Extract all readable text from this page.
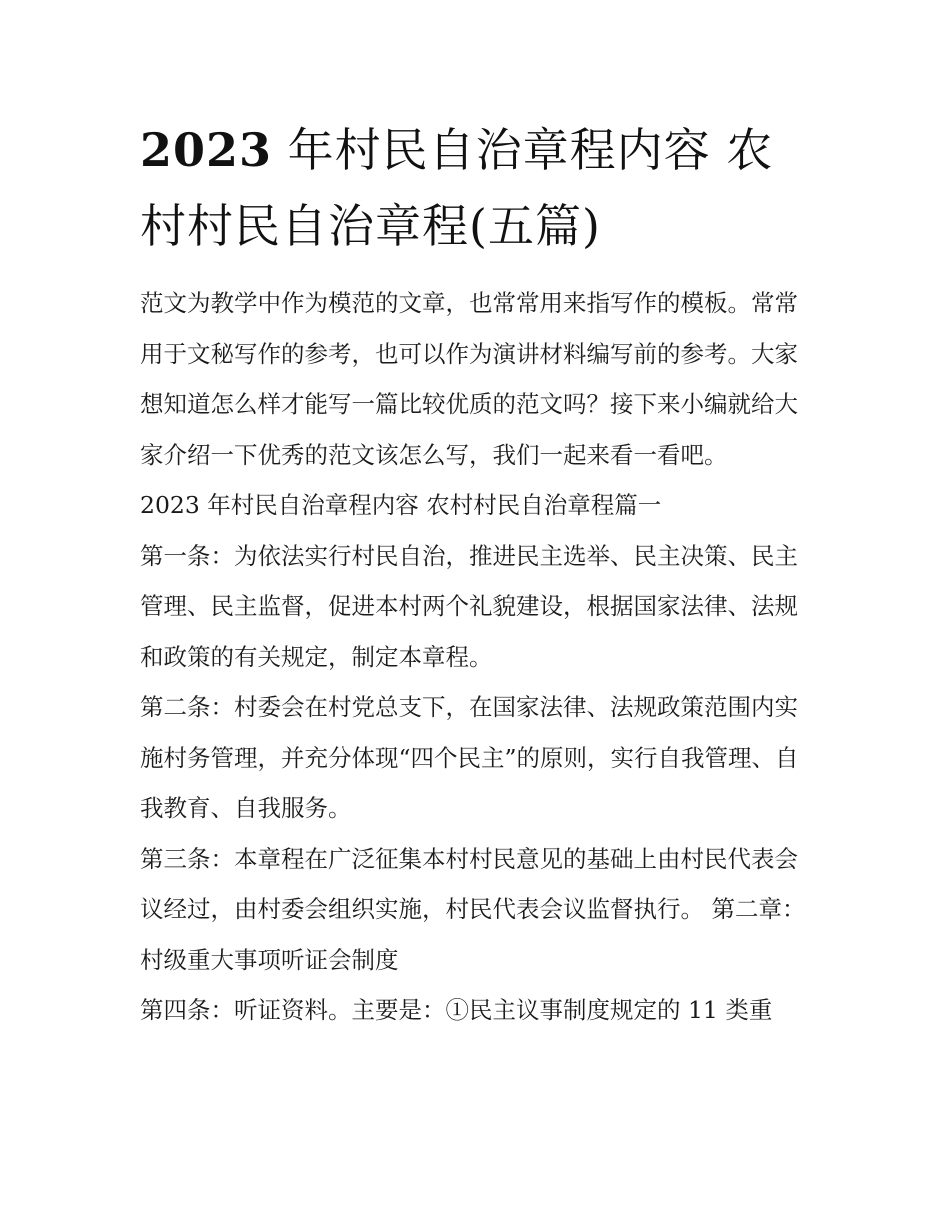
2023 年村民自治章程内容 农村村民自治章程(五篇)

范文为教学中作为模范的文章，也常常用来指写作的模板。常常用于文秘写作的参考，也可以作为演讲材料编写前的参考。大家想知道怎么样才能写一篇比较优质的范文吗？接下来小编就给大家介绍一下优秀的范文该怎么写，我们一起来看一看吧。

2023 年村民自治章程内容 农村村民自治章程篇一

第一条：为依法实行村民自治，推进民主选举、民主决策、民主管理、民主监督，促进本村两个礼貌建设，根据国家法律、法规和政策的有关规定，制定本章程。

第二条：村委会在村党总支下，在国家法律、法规政策范围内实施村务管理，并充分体现“四个民主”的原则，实行自我管理、自我教育、自我服务。

第三条：本章程在广泛征集本村村民意见的基础上由村民代表会议经过，由村委会组织实施，村民代表会议监督执行。 第二章：村级重大事项听证会制度

第四条：听证资料。主要是：①民主议事制度规定的 11 类重
